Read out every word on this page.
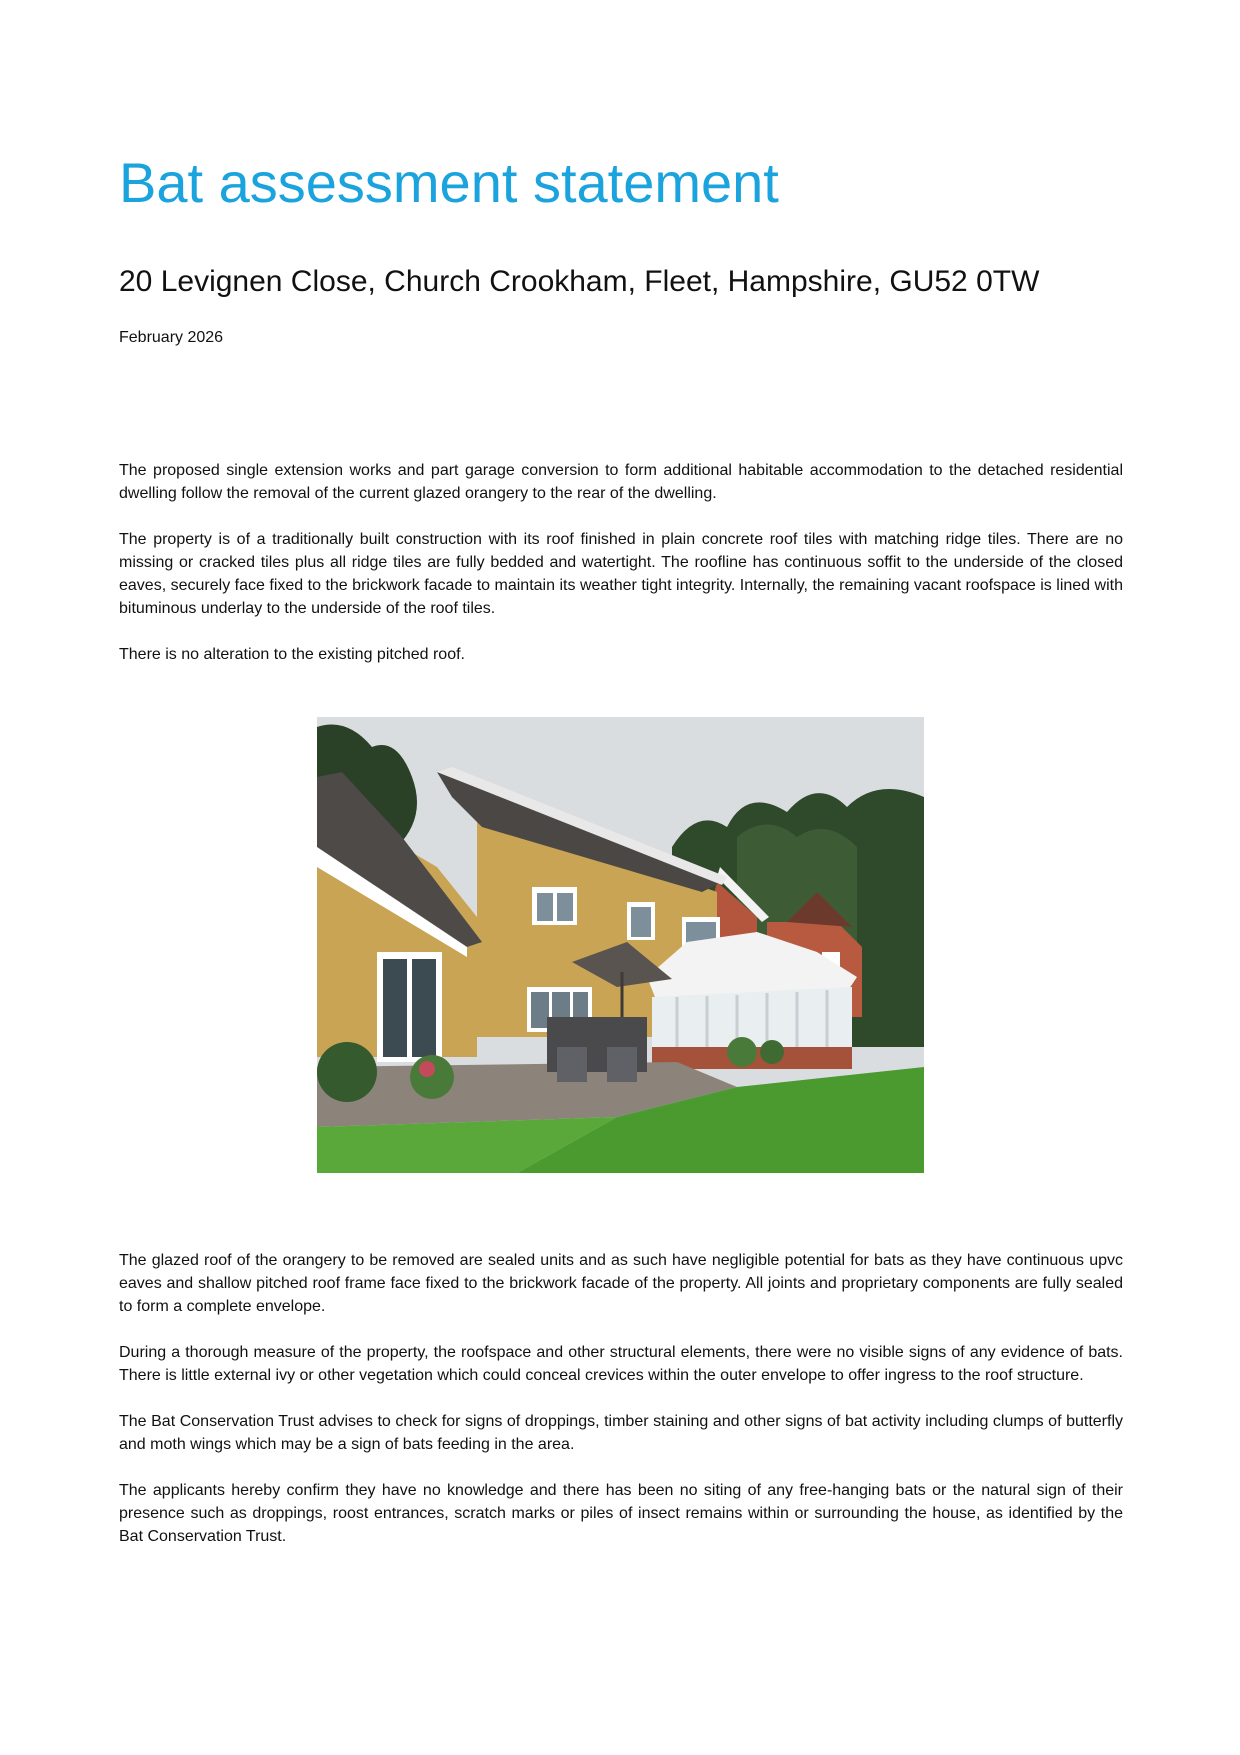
Bat assessment statement
20 Levignen Close, Church Crookham, Fleet, Hampshire, GU52 0TW
February 2026

The proposed single extension works and part garage conversion to form additional habitable accommodation to the detached residential dwelling follow the removal of the current glazed orangery to the rear of the dwelling.

The property is of a traditionally built construction with its roof finished in plain concrete roof tiles with matching ridge tiles. There are no missing or cracked tiles plus all ridge tiles are fully bedded and watertight. The roofline has continuous soffit to the underside of the closed eaves, securely face fixed to the brickwork facade to maintain its weather tight integrity. Internally, the remaining vacant roofspace is lined with bituminous underlay to the underside of the roof tiles.

There is no alteration to the existing pitched roof.

The glazed roof of the orangery to be removed are sealed units and as such have negligible potential for bats as they have continuous upvc eaves and shallow pitched roof frame face fixed to the brickwork facade of the property. All joints and proprietary components are fully sealed to form a complete envelope.

During a thorough measure of the property, the roofspace and other structural elements, there were no visible signs of any evidence of bats. There is little external ivy or other vegetation which could conceal crevices within the outer envelope to offer ingress to the roof structure.

The Bat Conservation Trust advises to check for signs of droppings, timber staining and other signs of bat activity including clumps of butterfly and moth wings which may be a sign of bats feeding in the area.

The applicants hereby confirm they have no knowledge and there has been no siting of any free-hanging bats or the natural sign of their presence such as droppings, roost entrances, scratch marks or piles of insect remains within or surrounding the house, as identified by the Bat Conservation Trust.
